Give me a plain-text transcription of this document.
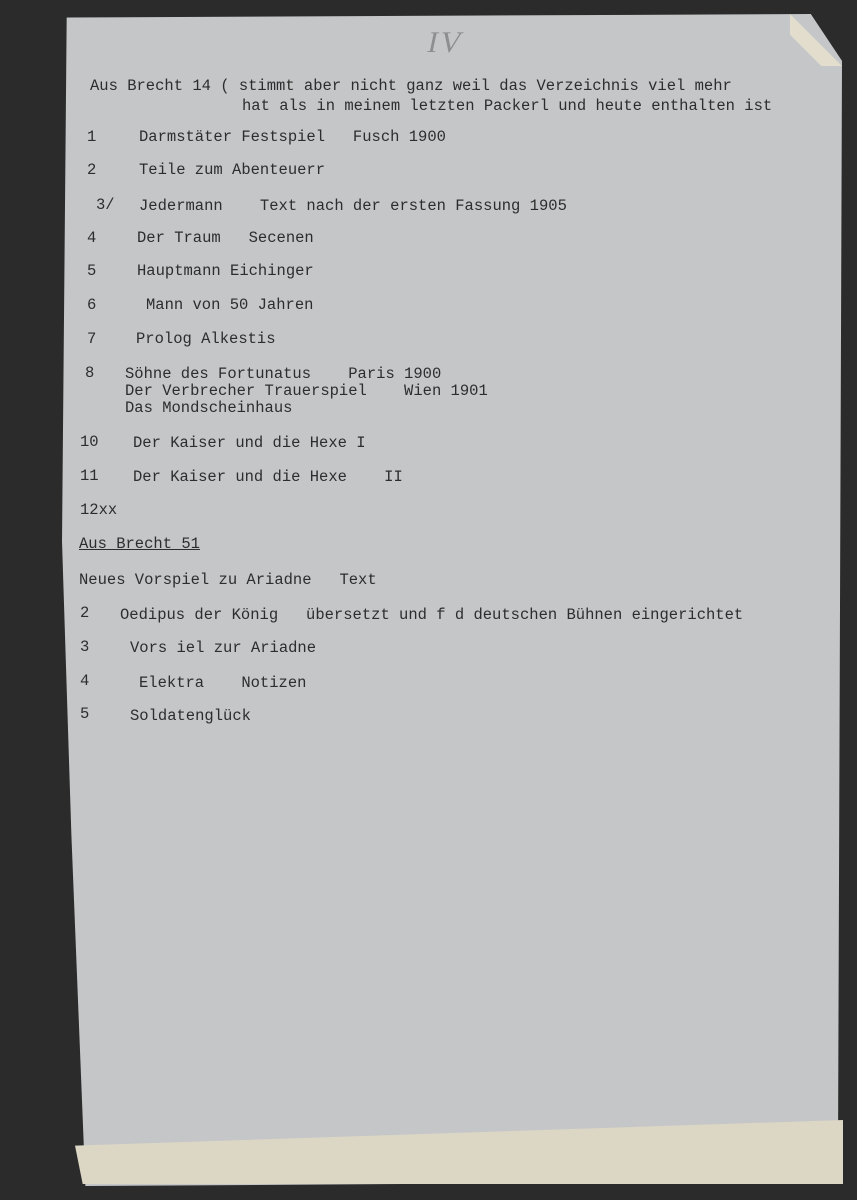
IV
Aus Brecht 14 ( stimmt aber nicht ganz weil das Verzeichnis viel mehr
hat als in meinem letzten Packerl und heute enthalten ist
1	Darmstäter Festspiel   Fusch 1900
2	Teile zum Abenteuerr
3/ Jedermann    Text nach der ersten Fassung 1905
4	Der Traum   Secenen
5	Hauptmann Eichinger
6	Mann von 50 Jahren
7	Prolog Alkestis
8 Söhne des Fortunatus    Paris 1900
Der Verbrecher Trauerspiel    Wien 1901
Das Mondscheinhaus
10 Der Kaiser und die Hexe I
11 Der Kaiser und die Hexe    II
12xx
Aus Brecht 51
Neues Vorspiel zu Ariadne   Text
2 Oedipus der König   übersetzt und f d deutschen Bühnen eingerichtet
3	Vors iel zur Ariadne
4	Elektra    Notizen
5	Soldatenglück
